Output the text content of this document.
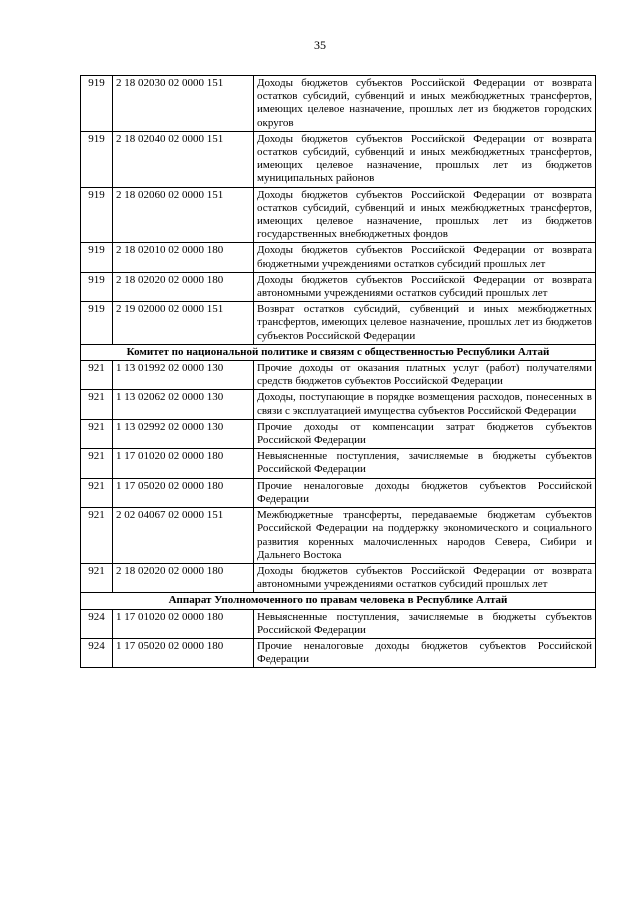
35
919	2 18 02030 02 0000 151	Доходы бюджетов субъектов Российской Федерации от возврата остатков субсидий, субвенций и иных межбюджетных трансфертов, имеющих целевое назначение, прошлых лет из бюджетов городских округов
919	2 18 02040 02 0000 151	Доходы бюджетов субъектов Российской Федерации от возврата остатков субсидий, субвенций и иных межбюджетных трансфертов, имеющих целевое назначение, прошлых лет из бюджетов муниципальных районов
919	2 18 02060 02 0000 151	Доходы бюджетов субъектов Российской Федерации от возврата остатков субсидий, субвенций и иных межбюджетных трансфертов, имеющих целевое назначение, прошлых лет из бюджетов государственных внебюджетных фондов
919	2 18 02010 02 0000 180	Доходы бюджетов субъектов Российской Федерации от возврата бюджетными учреждениями остатков субсидий прошлых лет
919	2 18 02020 02 0000 180	Доходы бюджетов субъектов Российской Федерации от возврата автономными учреждениями остатков субсидий прошлых лет
919	2 19 02000 02 0000 151	Возврат остатков субсидий, субвенций и иных межбюджетных трансфертов, имеющих целевое назначение, прошлых лет из бюджетов субъектов Российской Федерации
Комитет по национальной политике и связям с общественностью Республики Алтай		
921	1 13 01992 02 0000 130	Прочие доходы от оказания платных услуг (работ) получателями средств бюджетов субъектов Российской Федерации
921	1 13 02062 02 0000 130	Доходы, поступающие в порядке возмещения расходов, понесенных в связи с эксплуатацией имущества субъектов Российской Федерации
921	1 13 02992 02 0000 130	Прочие доходы от компенсации затрат бюджетов субъектов Российской Федерации
921	1 17 01020 02 0000 180	Невыясненные поступления, зачисляемые в бюджеты субъектов Российской Федерации
921	1 17 05020 02 0000 180	Прочие неналоговые доходы бюджетов субъектов Российской Федерации
921	2 02 04067 02 0000 151	Межбюджетные трансферты, передаваемые бюджетам субъектов Российской Федерации на поддержку экономического и социального развития коренных малочисленных народов Севера, Сибири и Дальнего Востока
921	2 18 02020 02 0000 180	Доходы бюджетов субъектов Российской Федерации от возврата автономными учреждениями остатков субсидий прошлых лет
Аппарат Уполномоченного по правам человека в Республике Алтай		
924	1 17 01020 02 0000 180	Невыясненные поступления, зачисляемые в бюджеты субъектов Российской Федерации
924	1 17 05020 02 0000 180	Прочие неналоговые доходы бюджетов субъектов Российской Федерации
